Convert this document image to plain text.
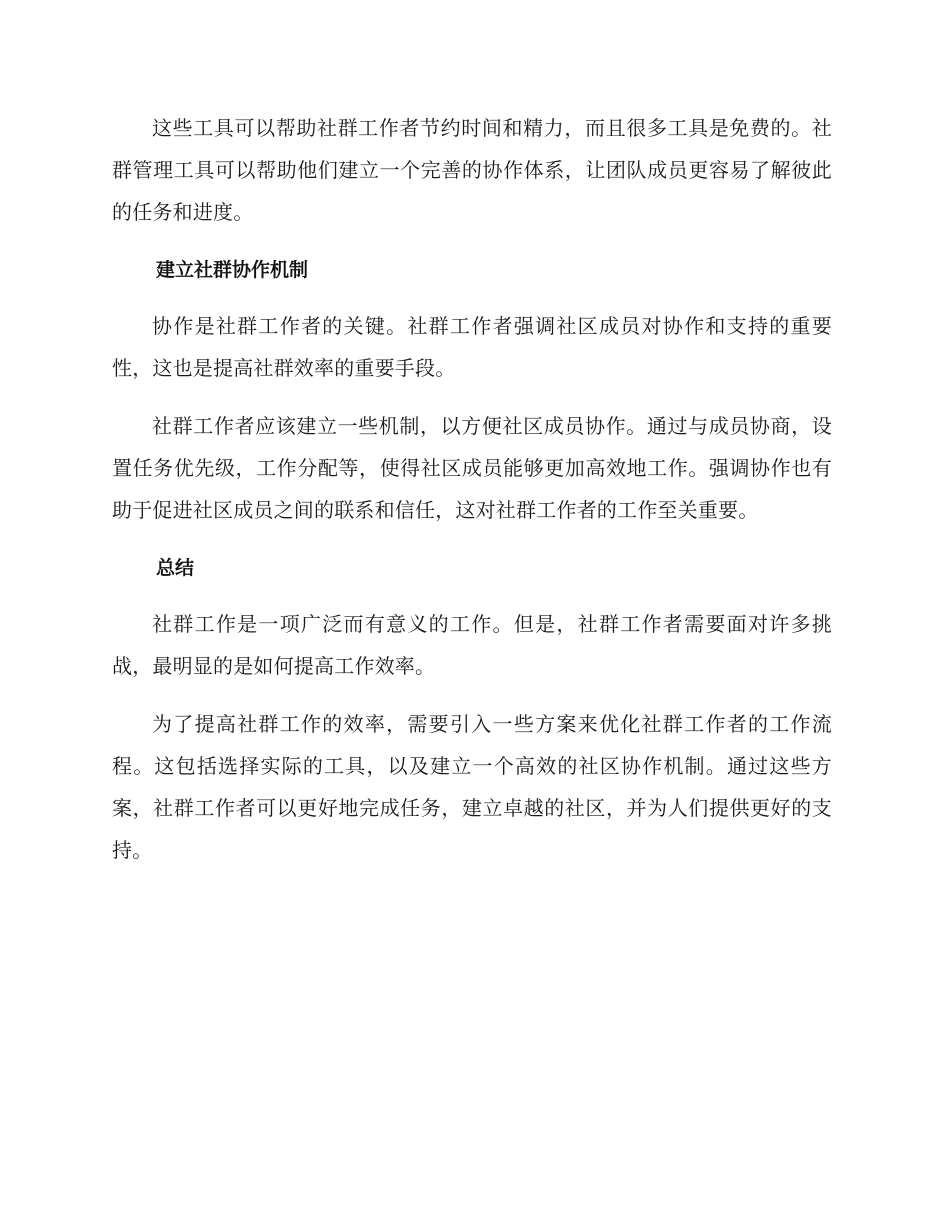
这些工具可以帮助社群工作者节约时间和精力，而且很多工具是免费的。社群管理工具可以帮助他们建立一个完善的协作体系，让团队成员更容易了解彼此的任务和进度。

建立社群协作机制

协作是社群工作者的关键。社群工作者强调社区成员对协作和支持的重要性，这也是提高社群效率的重要手段。

社群工作者应该建立一些机制，以方便社区成员协作。通过与成员协商，设置任务优先级，工作分配等，使得社区成员能够更加高效地工作。强调协作也有助于促进社区成员之间的联系和信任，这对社群工作者的工作至关重要。

总结

社群工作是一项广泛而有意义的工作。但是，社群工作者需要面对许多挑战，最明显的是如何提高工作效率。

为了提高社群工作的效率，需要引入一些方案来优化社群工作者的工作流程。这包括选择实际的工具，以及建立一个高效的社区协作机制。通过这些方案，社群工作者可以更好地完成任务，建立卓越的社区，并为人们提供更好的支持。
